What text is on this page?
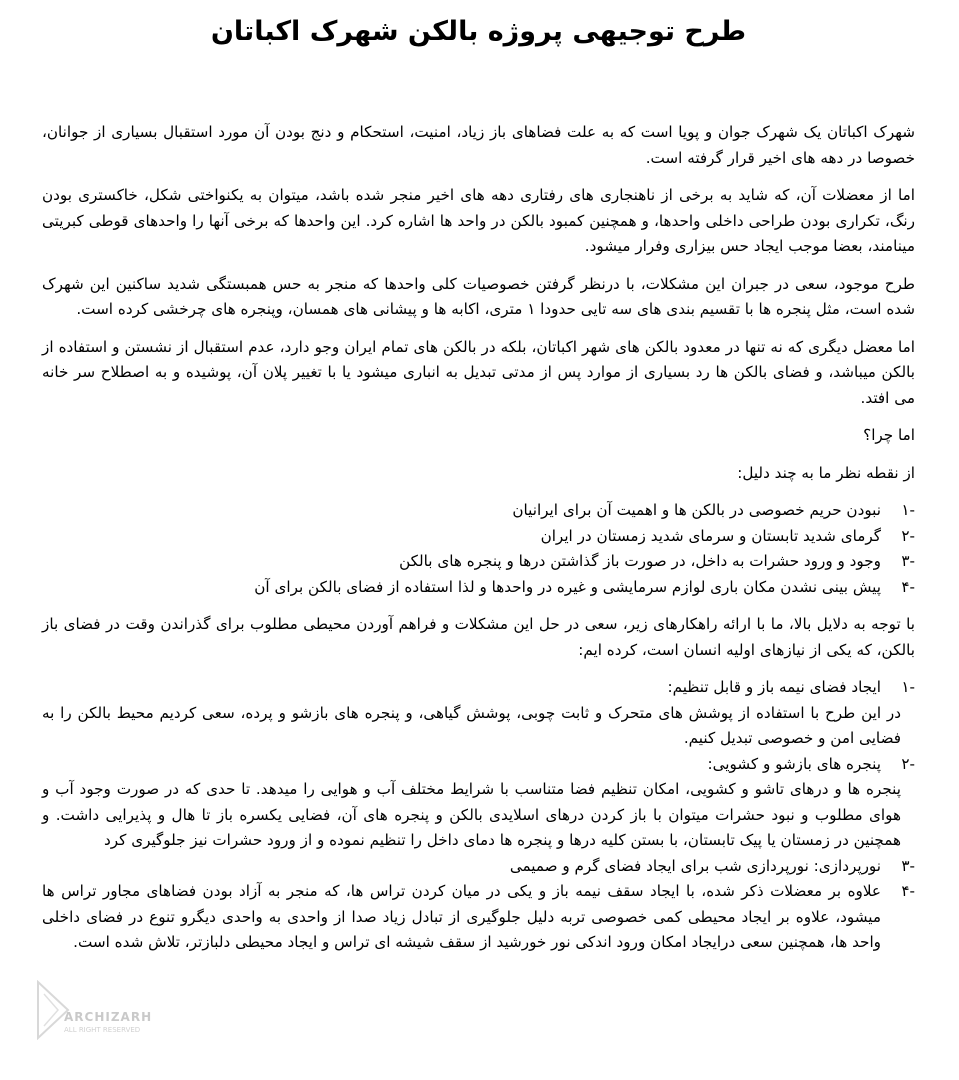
طرح توجیهی پروژه بالکن شهرک اکباتان

شهرک اکباتان یک شهرک جوان و پویا است که به علت فضاهای باز زیاد، امنیت، استحکام و دنج بودن آن مورد استقبال بسیاری از جوانان، خصوصا در دهه های اخیر قرار گرفته است.

اما از معضلات آن، که شاید به برخی از ناهنجاری های رفتاری دهه های اخیر منجر شده باشد، میتوان به یکنواختی شکل، خاکستری بودن رنگ، تکراری بودن طراحی داخلی واحدها، و همچنین کمبود بالکن در واحد ها اشاره کرد. این واحدها که برخی آنها را واحدهای قوطی کبریتی مینامند، بعضا موجب ایجاد حس بیزاری وفرار میشود.

طرح موجود، سعی در جبران این مشکلات، با درنظر گرفتن خصوصیات کلی واحدها که منجر به حس همبستگی شدید ساکنین این شهرک شده است، مثل پنجره ها با تقسیم بندی های سه تایی حدودا ۱ متری، اکابه ها و پیشانی های همسان، وپنجره های چرخشی کرده است.

اما معضل دیگری که نه تنها در معدود بالکن های شهر اکباتان، بلکه در بالکن های تمام ایران وجو دارد، عدم استقبال از نشستن و استفاده از بالکن میباشد، و فضای بالکن ها رد بسیاری از موارد پس از مدتی تبدیل به انباری میشود یا با تغییر پلان آن، پوشیده و به اصطلاح سر خانه می افتد.

اما چرا؟

از نقطه نظر ما به چند دلیل:

-۱
نبودن حریم خصوصی در بالکن ها و اهمیت آن برای ایرانیان
-۲
گرمای شدید تابستان و سرمای شدید زمستان در ایران
-۳
وجود و ورود حشرات به داخل، در صورت باز گذاشتن درها و پنجره های بالکن
-۴
پیش بینی نشدن مکان باری لوازم سرمایشی و غیره در واحدها و لذا استفاده از فضای بالکن برای آن

با توجه به دلایل بالا، ما با ارائه راهکارهای زیر، سعی در حل این مشکلات و فراهم آوردن محیطی مطلوب برای گذراندن وقت در فضای باز بالکن، که یکی از نیازهای اولیه انسان است، کرده ایم:

-۱
ایجاد فضای نیمه باز و قابل تنظیم:
در این طرح با استفاده از پوشش های متحرک و ثابت چوبی، پوشش گیاهی، و پنجره های بازشو و پرده، سعی کردیم محیط بالکن را به فضایی امن و خصوصی تبدیل کنیم.
-۲
پنجره های بازشو و کشویی:
پنجره ها و درهای تاشو و کشویی، امکان تنظیم فضا متناسب با شرایط مختلف آب و هوایی را میدهد. تا حدی که در صورت وجود آب و هوای مطلوب و نبود حشرات میتوان با باز کردن درهای اسلایدی بالکن و پنجره های آن، فضایی یکسره باز تا هال و پذیرایی داشت. و همچنین در زمستان یا پیک تابستان، با بستن کلیه درها و پنجره ها دمای داخل را تنظیم نموده و از ورود حشرات نیز جلوگیری کرد
-۳
نورپردازی: نورپردازی شب برای ایجاد فضای گرم و صمیمی
-۴
علاوه بر معضلات ذکر شده، با ایجاد سقف نیمه باز و یکی در میان کردن تراس ها، که منجر به آزاد بودن فضاهای مجاور تراس ها میشود، علاوه بر ایجاد محیطی کمی خصوصی تربه دلیل جلوگیری از تبادل زیاد صدا از واحدی به واحدی دیگرو تنوع در فضای داخلی واحد ها، همچنین سعی درایجاد امکان ورود اندکی نور خورشید از سقف شیشه ای تراس و ایجاد محیطی دلبازتر، تلاش شده است.
ARCHIZARH
ALL RIGHT RESERVED
